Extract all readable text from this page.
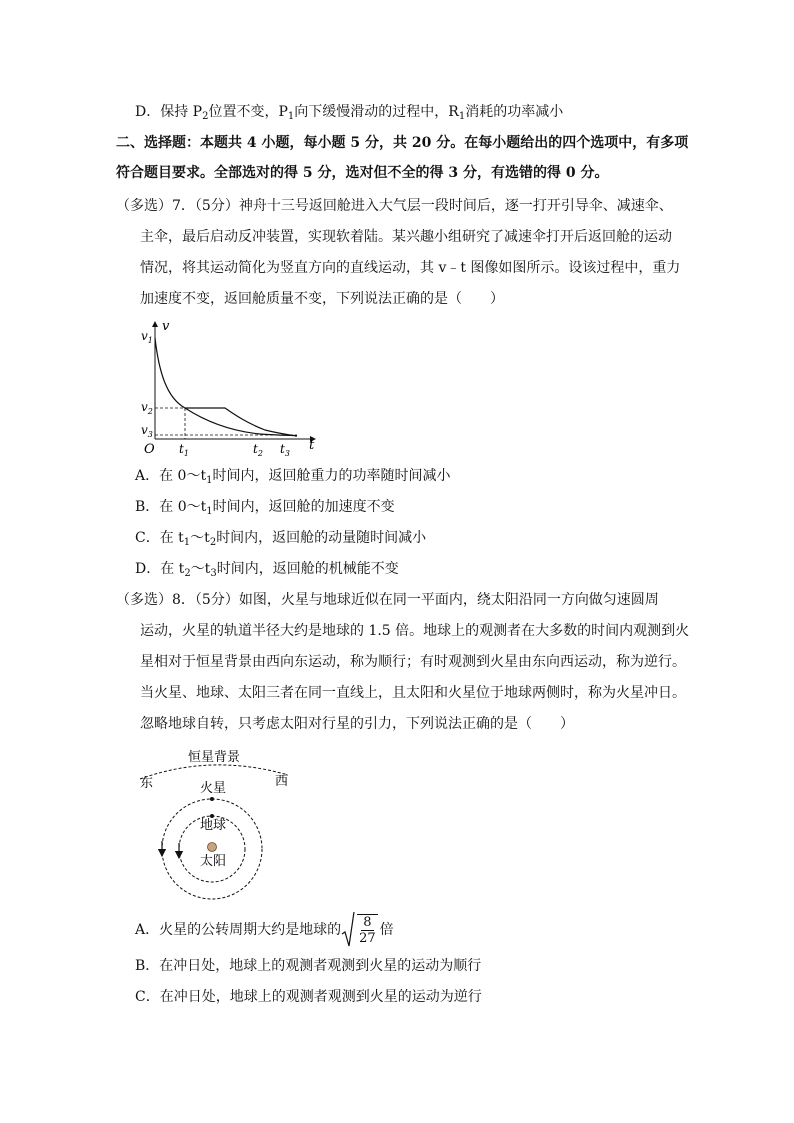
D．保持 $P_2$位置不变，$P_1$向下缓慢滑动的过程中，$R_1$消耗的功率减小
二、选择题：本题共 4 小题，每小题 5 分，共 20 分。在每小题给出的四个选项中，有多项
符合题目要求。全部选对的得 5 分，选对但不全的得 3 分，有选错的得 0 分。
（多选）7．（5分）神舟十三号返回舱进入大气层一段时间后，逐一打开引导伞、减速伞、
主伞，最后启动反冲装置，实现软着陆。某兴趣小组研究了减速伞打开后返回舱的运动
情况，将其运动简化为竖直方向的直线运动，其 v﹣t 图像如图所示。设该过程中，重力
加速度不变，返回舱质量不变，下列说法正确的是（　　）
v
t
O
$v_1$
$v_2$
$v_3$
$t_1$	$t_2$ $t_3$
A．在 $0\sim t_1$时间内，返回舱重力的功率随时间减小
B．在 $0\sim t_1$时间内，返回舱的加速度不变
C．在 $t_1\sim t_2$时间内，返回舱的动量随时间减小
D．在 $t_2\sim t_3$时间内，返回舱的机械能不变
（多选）8．（5分）如图，火星与地球近似在同一平面内，绕太阳沿同一方向做匀速圆周
运动，火星的轨道半径大约是地球的 1.5 倍。地球上的观测者在大多数的时间内观测到火
星相对于恒星背景由西向东运动，称为顺行；有时观测到火星由东向西运动，称为逆行。
当火星、地球、太阳三者在同一直线上，且太阳和火星位于地球两侧时，称为火星冲日。
忽略地球自转，只考虑太阳对行星的引力，下列说法正确的是（　　）
恒星背景
东	西
火星
地球
太阳
A．火星的公转周期大约是地球的 $\frac{8}{27}$ 倍
B．在冲日处，地球上的观测者观测到火星的运动为顺行
C．在冲日处，地球上的观测者观测到火星的运动为逆行
